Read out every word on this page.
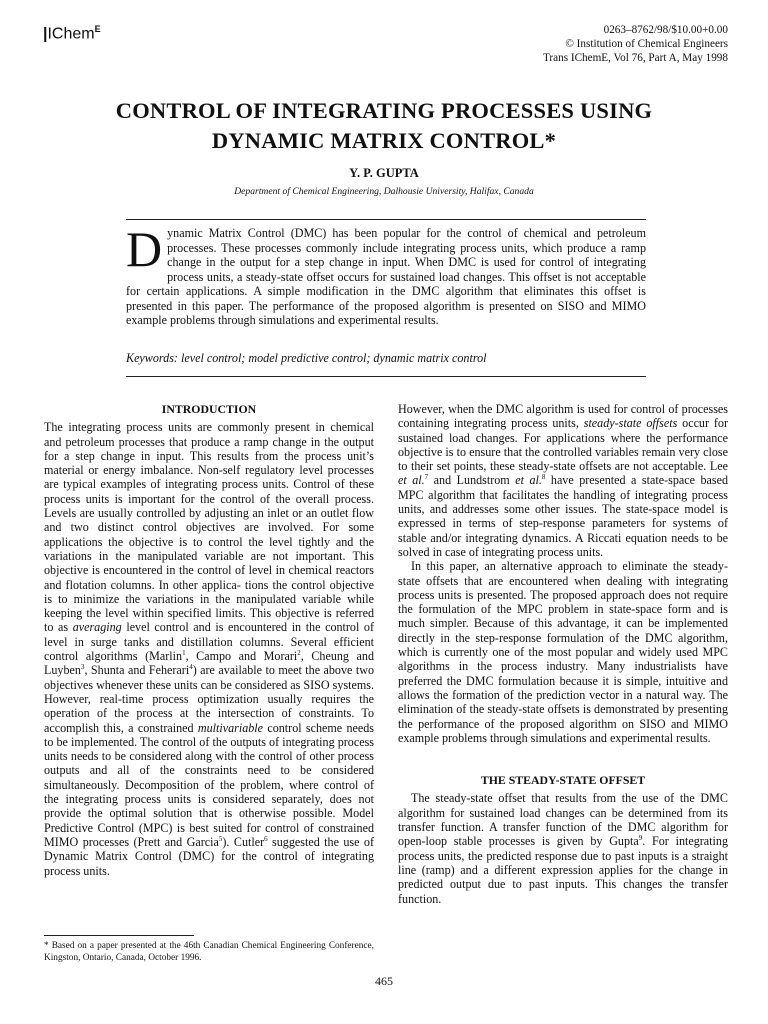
|IChem$^E$	0263–8762/98/$10.00+0.00
© Institution of Chemical Engineers
Trans IChemE, Vol 76, Part A, May 1998
CONTROL OF INTEGRATING PROCESSES USING
DYNAMIC MATRIX CONTROL*
Y. P. GUPTA
Department of Chemical Engineering, Dalhousie University, Halifax, Canada
Dynamic Matrix Control (DMC) has been popular for the control of chemical and petroleum processes. These processes commonly include integrating process units, which produce a ramp change in the output for a step change in input. When DMC is used for control of integrating process units, a steady-state offset occurs for sustained load changes. This offset is not acceptable for certain applications. A simple modification in the DMC algorithm that eliminates this offset is presented in this paper. The performance of the proposed algorithm is presented on SISO and MIMO example problems through simulations and experimental results.
Keywords: level control; model predictive control; dynamic matrix control
INTRODUCTION

The integrating process units are commonly present in chemical and petroleum processes that produce a ramp change in the output for a step change in input. This results from the process unit’s material or energy imbalance. Non-self regulatory level processes are typical examples of integrating process units. Control of these process units is important for the control of the overall process. Levels are usually controlled by adjusting an inlet or an outlet flow and two distinct control objectives are involved. For some applications the objective is to control the level tightly and the variations in the manipulated variable are not important. This objective is encountered in the control of level in chemical reactors and flotation columns. In other applica- tions the control objective is to minimize the variations in the manipulated variable while keeping the level within specified limits. This objective is referred to as averaging level control and is encountered in the control of level in surge tanks and distillation columns. Several efficient control algorithms (Marlin$^1$, Campo and Morari$^2$, Cheung and Luyben$^3$, Shunta and Feherari$^4$) are available to meet the above two objectives whenever these units can be considered as SISO systems. However, real-time process optimization usually requires the operation of the process at the intersection of constraints. To accomplish this, a constrained multivariable control scheme needs to be implemented. The control of the outputs of integrating process units needs to be considered along with the control of other process outputs and all of the constraints need to be considered simultaneously. Decomposition of the problem, where control of the integrating process units is considered separately, does not provide the optimal solution that is otherwise possible. Model Predictive Control (MPC) is best suited for control of constrained MIMO processes (Prett and Garcia$^5$). Cutler$^6$ suggested the use of Dynamic Matrix Control (DMC) for the control of integrating process units.

However, when the DMC algorithm is used for control of processes containing integrating process units, steady-state offsets occur for sustained load changes. For applications where the performance objective is to ensure that the controlled variables remain very close to their set points, these steady-state offsets are not acceptable. Lee et al.$^7$ and Lundstrom et al.$^8$ have presented a state-space based MPC algorithm that facilitates the handling of integrating process units, and addresses some other issues. The state-space model is expressed in terms of step-response parameters for systems of stable and/or integrating dynamics. A Riccati equation needs to be solved in case of integrating process units.

In this paper, an alternative approach to eliminate the steady-state offsets that are encountered when dealing with integrating process units is presented. The proposed approach does not require the formulation of the MPC problem in state-space form and is much simpler. Because of this advantage, it can be implemented directly in the step-response formulation of the DMC algorithm, which is currently one of the most popular and widely used MPC algorithms in the process industry. Many industrialists have preferred the DMC formulation because it is simple, intuitive and allows the formation of the prediction vector in a natural way. The elimination of the steady-state offsets is demonstrated by presenting the performance of the proposed algorithm on SISO and MIMO example problems through simulations and experimental results.

THE STEADY-STATE OFFSET

The steady-state offset that results from the use of the DMC algorithm for sustained load changes can be determined from its transfer function. A transfer function of the DMC algorithm for open-loop stable processes is given by Gupta$^9$. For integrating process units, the predicted response due to past inputs is a straight line (ramp) and a different expression applies for the change in predicted output due to past inputs. This changes the transfer function.

* Based on a paper presented at the 46th Canadian Chemical Engineering Conference, Kingston, Ontario, Canada, October 1996.
465
